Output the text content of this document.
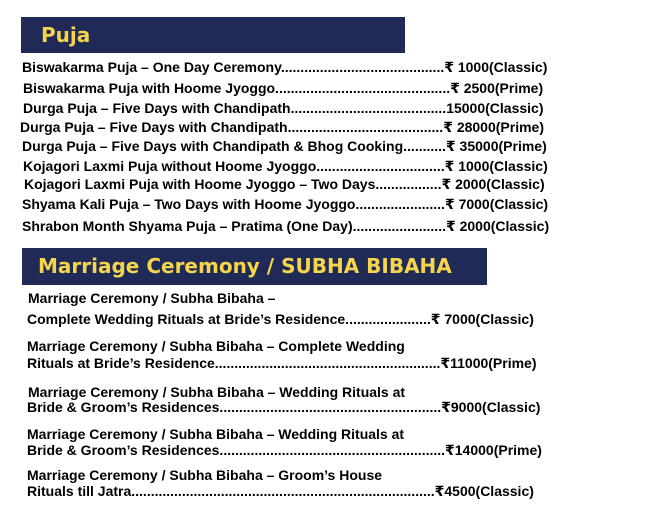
Puja
Biswakarma Puja – One Day Ceremony..........................................₹ 1000(Classic)
Biswakarma Puja with Hoome Jyoggo.............................................₹ 2500(Prime)
Durga Puja – Five Days with Chandipath........................................15000(Classic)
Durga Puja – Five Days with Chandipath........................................₹ 28000(Prime)
Durga Puja – Five Days with Chandipath & Bhog Cooking...........₹ 35000(Prime)
Kojagori Laxmi Puja without Hoome Jyoggo.................................₹ 1000(Classic)
Kojagori Laxmi Puja with Hoome Jyoggo – Two Days.................₹ 2000(Classic)
Shyama Kali Puja – Two Days with Hoome Jyoggo.......................₹ 7000(Classic)
Shrabon Month Shyama Puja – Pratima (One Day)........................₹ 2000(Classic)
Marriage Ceremony / SUBHA BIBAHA
Marriage Ceremony / Subha Bibaha –
Complete Wedding Rituals at Bride’s Residence......................₹ 7000(Classic)
Marriage Ceremony / Subha Bibaha – Complete Wedding
Rituals at Bride’s Residence..........................................................₹11000(Prime)
Marriage Ceremony / Subha Bibaha – Wedding Rituals at
Bride & Groom’s Residences.........................................................₹9000(Classic)
Marriage Ceremony / Subha Bibaha – Wedding Rituals at
Bride & Groom’s Residences..........................................................₹14000(Prime)
Marriage Ceremony / Subha Bibaha – Groom’s House
Rituals till Jatra..............................................................................₹4500(Classic)
